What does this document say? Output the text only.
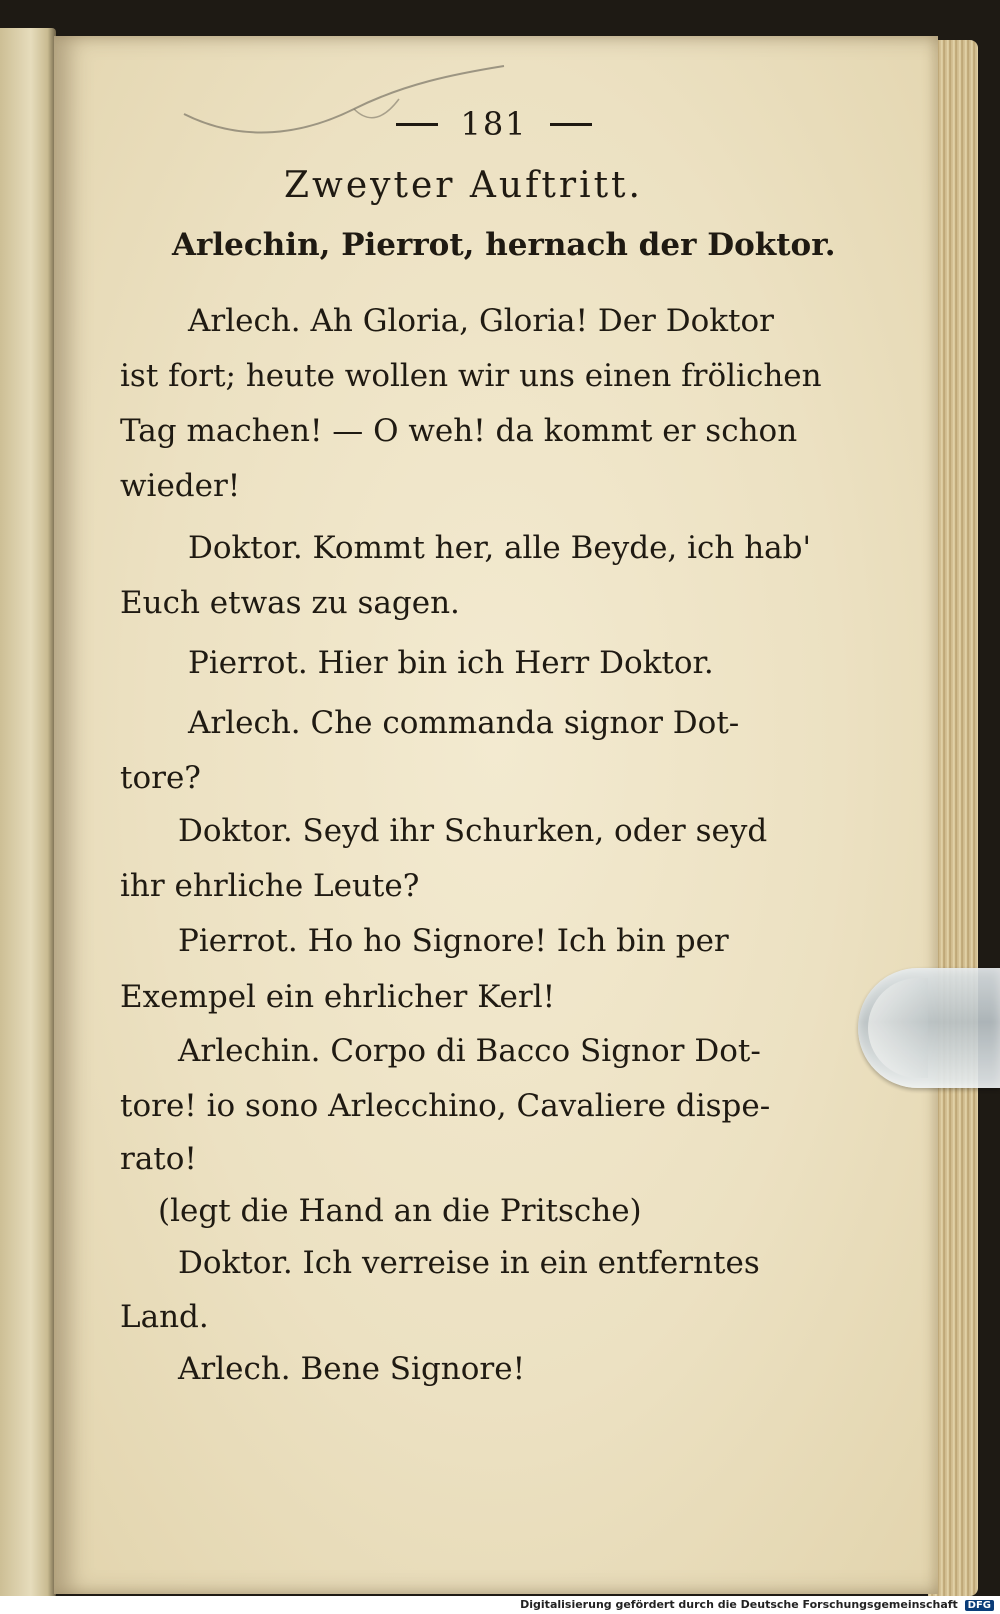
181
Zweyter Auftritt.
Arlechin, Pierrot, hernach der Doktor.
Arlech. Ah Gloria, Gloria! Der Doktor
ist fort; heute wollen wir uns einen frölichen
Tag machen! — O weh! da kommt er schon
wieder!
Doktor. Kommt her, alle Beyde, ich hab'
Euch etwas zu sagen.
Pierrot. Hier bin ich Herr Doktor.
Arlech. Che commanda signor Dot-
tore?
Doktor. Seyd ihr Schurken, oder seyd
ihr ehrliche Leute?
Pierrot. Ho ho Signore! Ich bin per
Exempel ein ehrlicher Kerl!
Arlechin. Corpo di Bacco Signor Dot-
tore! io sono Arlecchino, Cavaliere dispe-
rato!
(legt die Hand an die Pritsche)
Doktor. Ich verreise in ein entferntes
Land.
Arlech. Bene Signore!
Digitalisierung gefördert durch die Deutsche Forschungsgemeinschaft DFG
